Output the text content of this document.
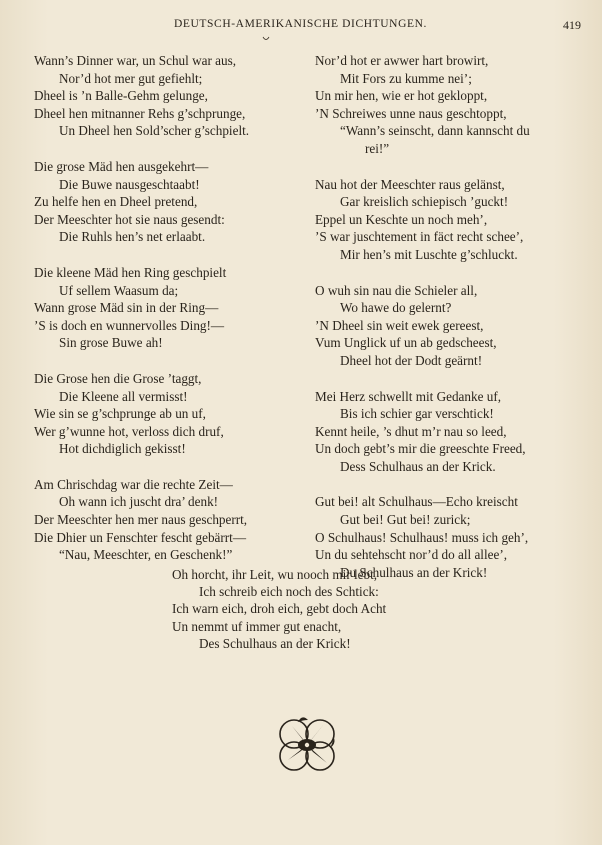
DEUTSCH-AMERIKANISCHE DICHTUNGEN.	419
Wann’s Dinner war, un Schul war aus,
Nor’d hot mer gut gefiehlt;
Dheel is ’n Balle-Gehm gelunge,
Dheel hen mitnanner Rehs g’schprunge,
Un Dheel hen Sold’scher g’schpielt.
Die grose Mäd hen ausgekehrt—
Die Buwe nausgeschtaabt!
Zu helfe hen en Dheel pretend,
Der Meeschter hot sie naus gesendt:
Die Ruhls hen’s net erlaabt.
Die kleene Mäd hen Ring geschpielt
Uf sellem Waasum da;
Wann grose Mäd sin in der Ring—
’S is doch en wunnervolles Ding!—
Sin grose Buwe ah!
Die Grose hen die Grose ’taggt,
Die Kleene all vermisst!
Wie sin se g’schprunge ab un uf,
Wer g’wunne hot, verloss dich druf,
Hot dichdiglich gekisst!
Am Chrischdag war die rechte Zeit—
Oh wann ich juscht dra’ denk!
Der Meeschter hen mer naus geschperrt,
Die Dhier un Fenschter fescht gebärrt—
“Nau, Meeschter, en Geschenk!”
Nor’d hot er awwer hart browirt,
Mit Fors zu kumme nei’;
Un mir hen, wie er hot gekloppt,
’N Schreiwes unne naus geschtoppt,
“Wann’s seinscht, dann kannscht du
rei!”
Nau hot der Meeschter raus gelänst,
Gar kreislich schiepisch ’guckt!
Eppel un Keschte un noch meh’,
’S war juschtement in fäct recht schee’,
Mir hen’s mit Luschte g’schluckt.
O wuh sin nau die Schieler all,
Wo hawe do gelernt?
’N Dheel sin weit ewek gereest,
Vum Unglick uf un ab gedscheest,
Dheel hot der Dodt geärnt!
Mei Herz schwellt mit Gedanke uf,
Bis ich schier gar verschtick!
Kennt heile, ’s dhut m’r nau so leed,
Un doch gebt’s mir die greeschte Freed,
Dess Schulhaus an der Krick.
Gut bei! alt Schulhaus—Echo kreischt
Gut bei! Gut bei! zurick;
O Schulhaus! Schulhaus! muss ich geh’,
Un du sehtehscht nor’d do all allee’,
Du Schulhaus an der Krick!
Oh horcht, ihr Leit, wu nooch mir lebt,
Ich schreib eich noch des Schtick:
Ich warn eich, droh eich, gebt doch Acht
Un nemmt uf immer gut enacht,
Des Schulhaus an der Krick!
